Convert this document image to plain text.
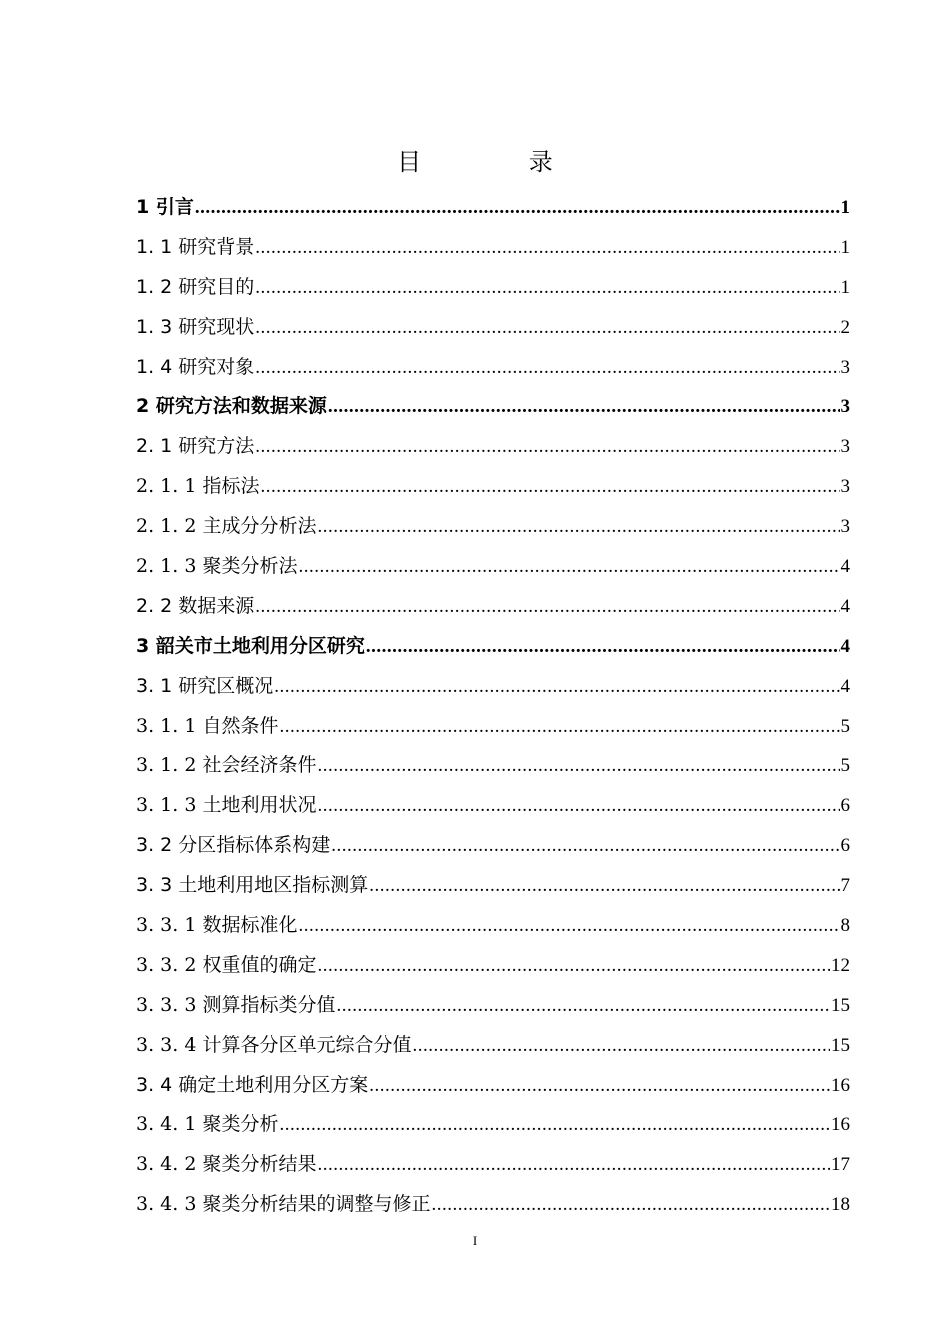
目 录
1 引言 .....	1
1. 1 研究背景 .....	1
1. 2 研究目的 .....	1
1. 3 研究现状 .....	2
1. 4 研究对象 .....	3
2 研究方法和数据来源 .....	3
2. 1 研究方法 .....	3
2. 1. 1 指标法 .....	3
2. 1. 2 主成分分析法 .....	3
2. 1. 3 聚类分析法 .....	4
2. 2 数据来源 .....	4
3 韶关市土地利用分区研究 .....	4
3. 1 研究区概况 .....	4
3. 1. 1 自然条件 .....	5
3. 1. 2 社会经济条件 .....	5
3. 1. 3 土地利用状况 .....	6
3. 2 分区指标体系构建 .....	6
3. 3 土地利用地区指标测算 .....	7
3. 3. 1 数据标准化 .....	8
3. 3. 2 权重值的确定 .....	12
3. 3. 3 测算指标类分值 .....	15
3. 3. 4 计算各分区单元综合分值 .....	15
3. 4 确定土地利用分区方案 .....	16
3. 4. 1 聚类分析 .....	16
3. 4. 2 聚类分析结果 .....	17
3. 4. 3 聚类分析结果的调整与修正 .....	18
I
